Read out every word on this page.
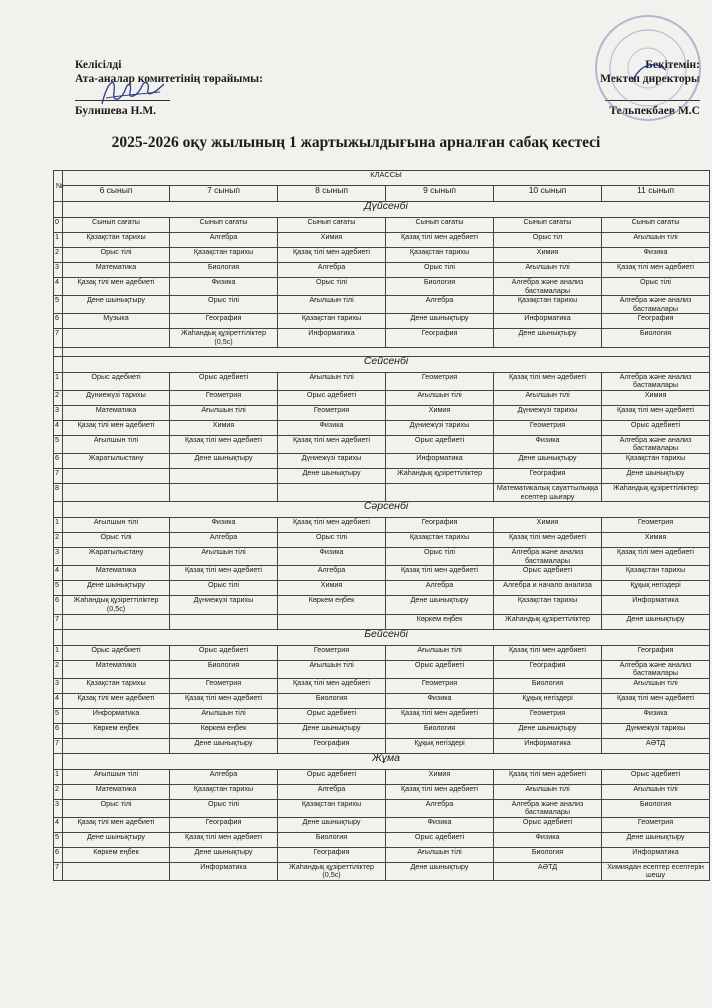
Келісілді
Ата-аналар комитетінің төрайымы:
Булишева Н.М.
Бекітемін:
Мектеп директоры
Тельпекбаев М.С
2025-2026 оқу жылының 1 жартыжылдығына арналған сабақ кестесі
№	КЛАССЫ					
	6 сынып	7 сынып	8 сынып	9 сынып	10 сынып	11 сынып
	Дүйсенбі					
0	Сынып сағаты	Сынып сағаты	Сынып сағаты	Сынып сағаты	Сынып сағаты	Сынып сағаты
1	Қазақстан тарихы	Алгебра	Химия	Қазақ тілі мен әдебиеті	Орыс тіл	Ағылшын тілі
2	Орыс тілі	Қазақстан тарихы	Қазақ тілі мен әдебиеті	Қазақстан тарихы	Химия	Физика
3	Математика	Биология	Алгебра	Орыс тілі	Ағылшын тілі	Қазақ тілі мен әдебиеті
4	Қазақ тілі мен әдебиеті	Физика	Орыс тілі	Биология	Алгебра және анализ бастамалары	Орыс тілі
5	Дене шынықтыру	Орыс тілі	Ағылшын тілі	Алгебра	Қазақстан тарихы	Алгебра және анализ бастамалары
6	Музыка	География	Қазақстан тарихы	Дене шынықтыру	Информатика	География
7		Жаһандық құзіреттіліктер (0,5с)	Информатика	География	Дене шынықтыру	Биология

	Сейсенбі					
1	Орыс әдебиеті	Орыс әдебиеті	Ағылшын тілі	Геометрия	Қазақ тілі мен әдебиеті	Алгебра және анализ бастамалары
2	Дүниежүзі тарихы	Геометрия	Орыс әдебиеті	Ағылшын тілі	Ағылшын тілі	Химия
3	Математика	Ағылшын тілі	Геометрия	Химия	Дүниежүзі тарихы	Қазақ тілі мен әдебиеті
4	Қазақ тілі мен әдебиеті	Химия	Физика	Дүниежүзі тарихы	Геометрия	Орыс әдебиеті
5	Ағылшын тілі	Қазақ тілі мен әдебиеті	Қазақ тілі мен әдебиеті	Орыс әдебиеті	Физика	Алгебра және анализ бастамалары
6	Жаратылыстану	Дене шынықтыру	Дүниежүзі тарихы	Информатика	Дене шынықтыру	Қазақстан тарихы
7			Дене шынықтыру	Жаһандық құзіреттіліктер	География	Дене шынықтыру
8					Математикалық сауаттылыққа есептер шығару	Жаһандық құзіреттіліктер
	Сәрсенбі					
1	Ағылшын тілі	Физика	Қазақ тілі мен әдебиеті	География	Химия	Геометрия
2	Орыс тілі	Алгебра	Орыс тілі	Қазақстан тарихы	Қазақ тілі мен әдебиеті	Химия
3	Жаратылыстану	Ағылшын тілі	Физика	Орыс тілі	Алгебра және анализ бастамалары	Қазақ тілі мен әдебиеті
4	Математика	Қазақ тілі мен әдебиеті	Алгебра	Қазақ тілі мен әдебиеті	Орыс әдебиеті	Қазақстан тарихы
5	Дене шынықтыру	Орыс тілі	Химия	Алгебра	Алгебра и начало анализа	Құқық негіздері
6	Жаһандық құзіреттіліктер (0,5с)	Дүниежүзі тарихы	Көркем еңбек	Дене шынықтыру	Қазақстан тарихы	Информатика
7				Көркем еңбек	Жаһандық құзіреттіліктер	Дене шынықтыру
	Бейсенбі					
1	Орыс әдебиеті	Орыс әдебиеті	Геометрия	Ағылшын тілі	Қазақ тілі мен әдебиеті	География
2	Математика	Биология	Ағылшын тілі	Орыс әдебиеті	География	Алгебра және анализ бастамалары
3	Қазақстан тарихы	Геометрия	Қазақ тілі мен әдебиеті	Геометрия	Биология	Ағылшын тілі
4	Қазақ тілі мен әдебиеті	Қазақ тілі мен әдебиеті	Биология	Физика	Құқық негіздері	Қазақ тілі мен әдебиеті
5	Информатика	Ағылшын тілі	Орыс әдебиеті	Қазақ тілі мен әдебиеті	Геометрия	Физика
6	Көркем еңбек	Көркем еңбек	Дене шынықтыру	Биология	Дене шынықтыру	Дүниежүзі тарихы
7		Дене шынықтыру	География	Құқық негіздері	Информатика	АӘТД
	Жұма					
1	Ағылшын тілі	Алгебра	Орыс әдебиеті	Химия	Қазақ тілі мен әдебиеті	Орыс әдебиеті
2	Математика	Қазақстан тарихы	Алгебра	Қазақ тілі мен әдебиеті	Ағылшын тілі	Ағылшын тілі
3	Орыс тілі	Орыс тілі	Қазақстан тарихы	Алгебра	Алгебра және анализ бастамалары	Биология
4	Қазақ тілі мен әдебиеті	География	Дене шынықтыру	Физика	Орыс әдебиеті	Геометрия
5	Дене шынықтыру	Қазақ тілі мен әдебиеті	Биология	Орыс әдебиеті	Физика	Дене шынықтыру
6	Көркем еңбек	Дене шынықтыру	География	Ағылшын тілі	Биология	Информатика
7		Информатика	Жаһандық құзіреттіліктер (0,5с)	Дене шынықтыру	АӘТД	Химиядан есептер есептерін шешу
